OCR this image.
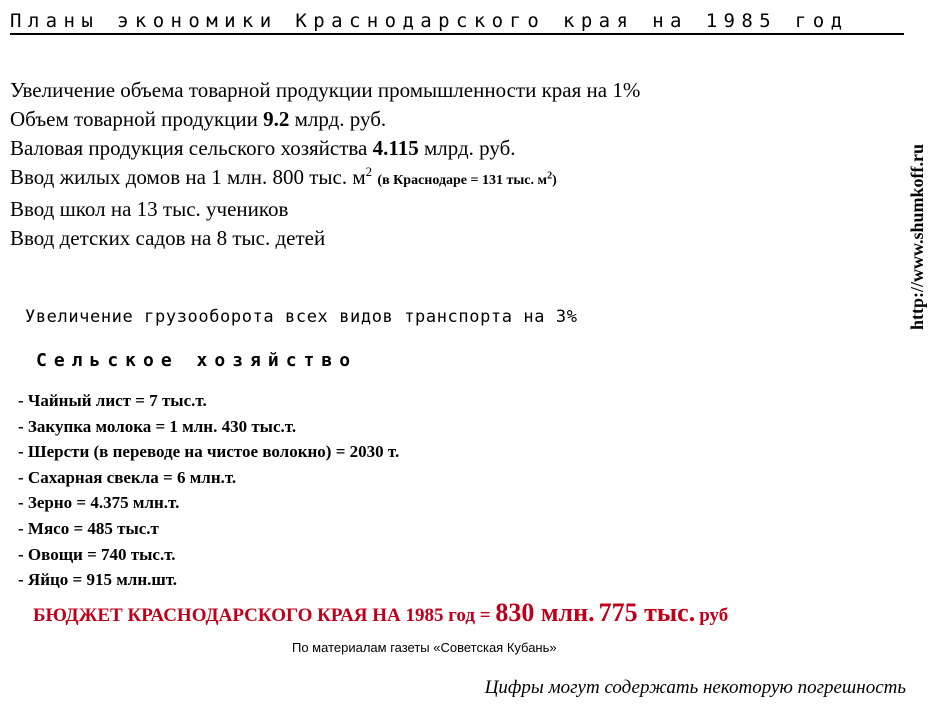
Планы экономики Краснодарского края на 1985 год
http://www.shumkoff.ru
Увеличение объема товарной продукции промышленности края на 1%
Объем товарной продукции 9.2 млрд. руб.
Валовая продукция сельского хозяйства 4.115 млрд. руб.
Ввод жилых домов на 1 млн. 800 тыс. $м^2$ (в Краснодаре = 131 тыс. $м^2$)
Ввод школ на 13 тыс. учеников
Ввод детских садов на 8 тыс. детей
Увеличение грузооборота всех видов транспорта на 3%
Сельское хозяйство
- Чайный лист = 7 тыс.т.
- Закупка молока = 1 млн. 430 тыс.т.
- Шерсти (в переводе на чистое волокно) = 2030 т.
- Сахарная свекла = 6 млн.т.
- Зерно = 4.375 млн.т.
- Мясо = 485 тыс.т
- Овощи = 740 тыс.т.
- Яйцо = 915 млн.шт.
БЮДЖЕТ КРАСНОДАРСКОГО КРАЯ НА 1985 год = 830 млн. 775 тыс. руб
По материалам газеты «Советская Кубань»
Цифры могут содержать некоторую погрешность
